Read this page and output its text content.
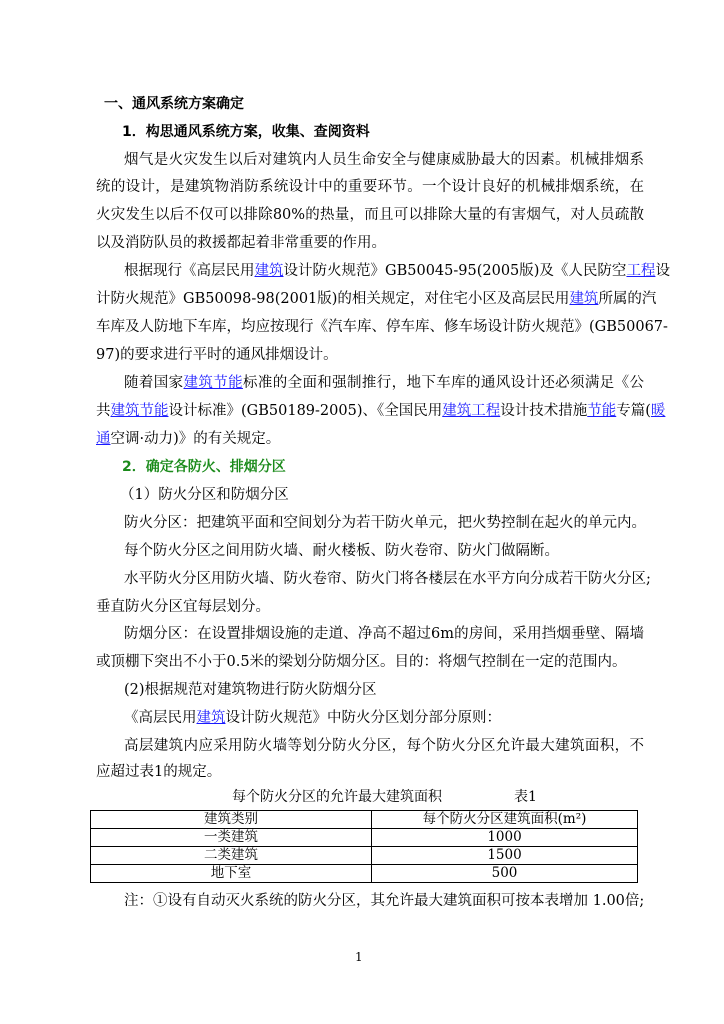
一、通风系统方案确定
1．构思通风系统方案，收集、查阅资料
烟气是火灾发生以后对建筑内人员生命安全与健康威胁最大的因素。机械排烟系
统的设计，是建筑物消防系统设计中的重要环节。一个设计良好的机械排烟系统，在
火灾发生以后不仅可以排除80%的热量，而且可以排除大量的有害烟气，对人员疏散
以及消防队员的救援都起着非常重要的作用。
根据现行《高层民用建筑设计防火规范》GB50045-95(2005版)及《人民防空工程设
计防火规范》GB50098-98(2001版)的相关规定，对住宅小区及高层民用建筑所属的汽
车库及人防地下车库，均应按现行《汽车库、停车库、修车场设计防火规范》(GB50067-
97)的要求进行平时的通风排烟设计。
随着国家建筑节能标准的全面和强制推行，地下车库的通风设计还必须满足《公
共建筑节能设计标准》(GB50189-2005)、《全国民用建筑工程设计技术措施节能专篇(暖
通空调·动力)》的有关规定。
2．确定各防火、排烟分区
（1）防火分区和防烟分区
防火分区：把建筑平面和空间划分为若干防火单元，把火势控制在起火的单元内。
每个防火分区之间用防火墙、耐火楼板、防火卷帘、防火门做隔断。
水平防火分区用防火墙、防火卷帘、防火门将各楼层在水平方向分成若干防火分区;
垂直防火分区宜每层划分。
防烟分区：在设置排烟设施的走道、净高不超过6m的房间，采用挡烟垂壁、隔墙
或顶棚下突出不小于0.5米的梁划分防烟分区。目的：将烟气控制在一定的范围内。
(2)根据规范对建筑物进行防火防烟分区
《高层民用建筑设计防火规范》中防火分区划分部分原则：
高层建筑内应采用防火墙等划分防火分区，每个防火分区允许最大建筑面积，不
应超过表1的规定。
每个防火分区的允许最大建筑面积	表1
建筑类别	每个防火分区建筑面积(m²)
一类建筑	1000
二类建筑	1500
地下室	500
注：①设有自动灭火系统的防火分区，其允许最大建筑面积可按本表增加 1.00倍;
1
